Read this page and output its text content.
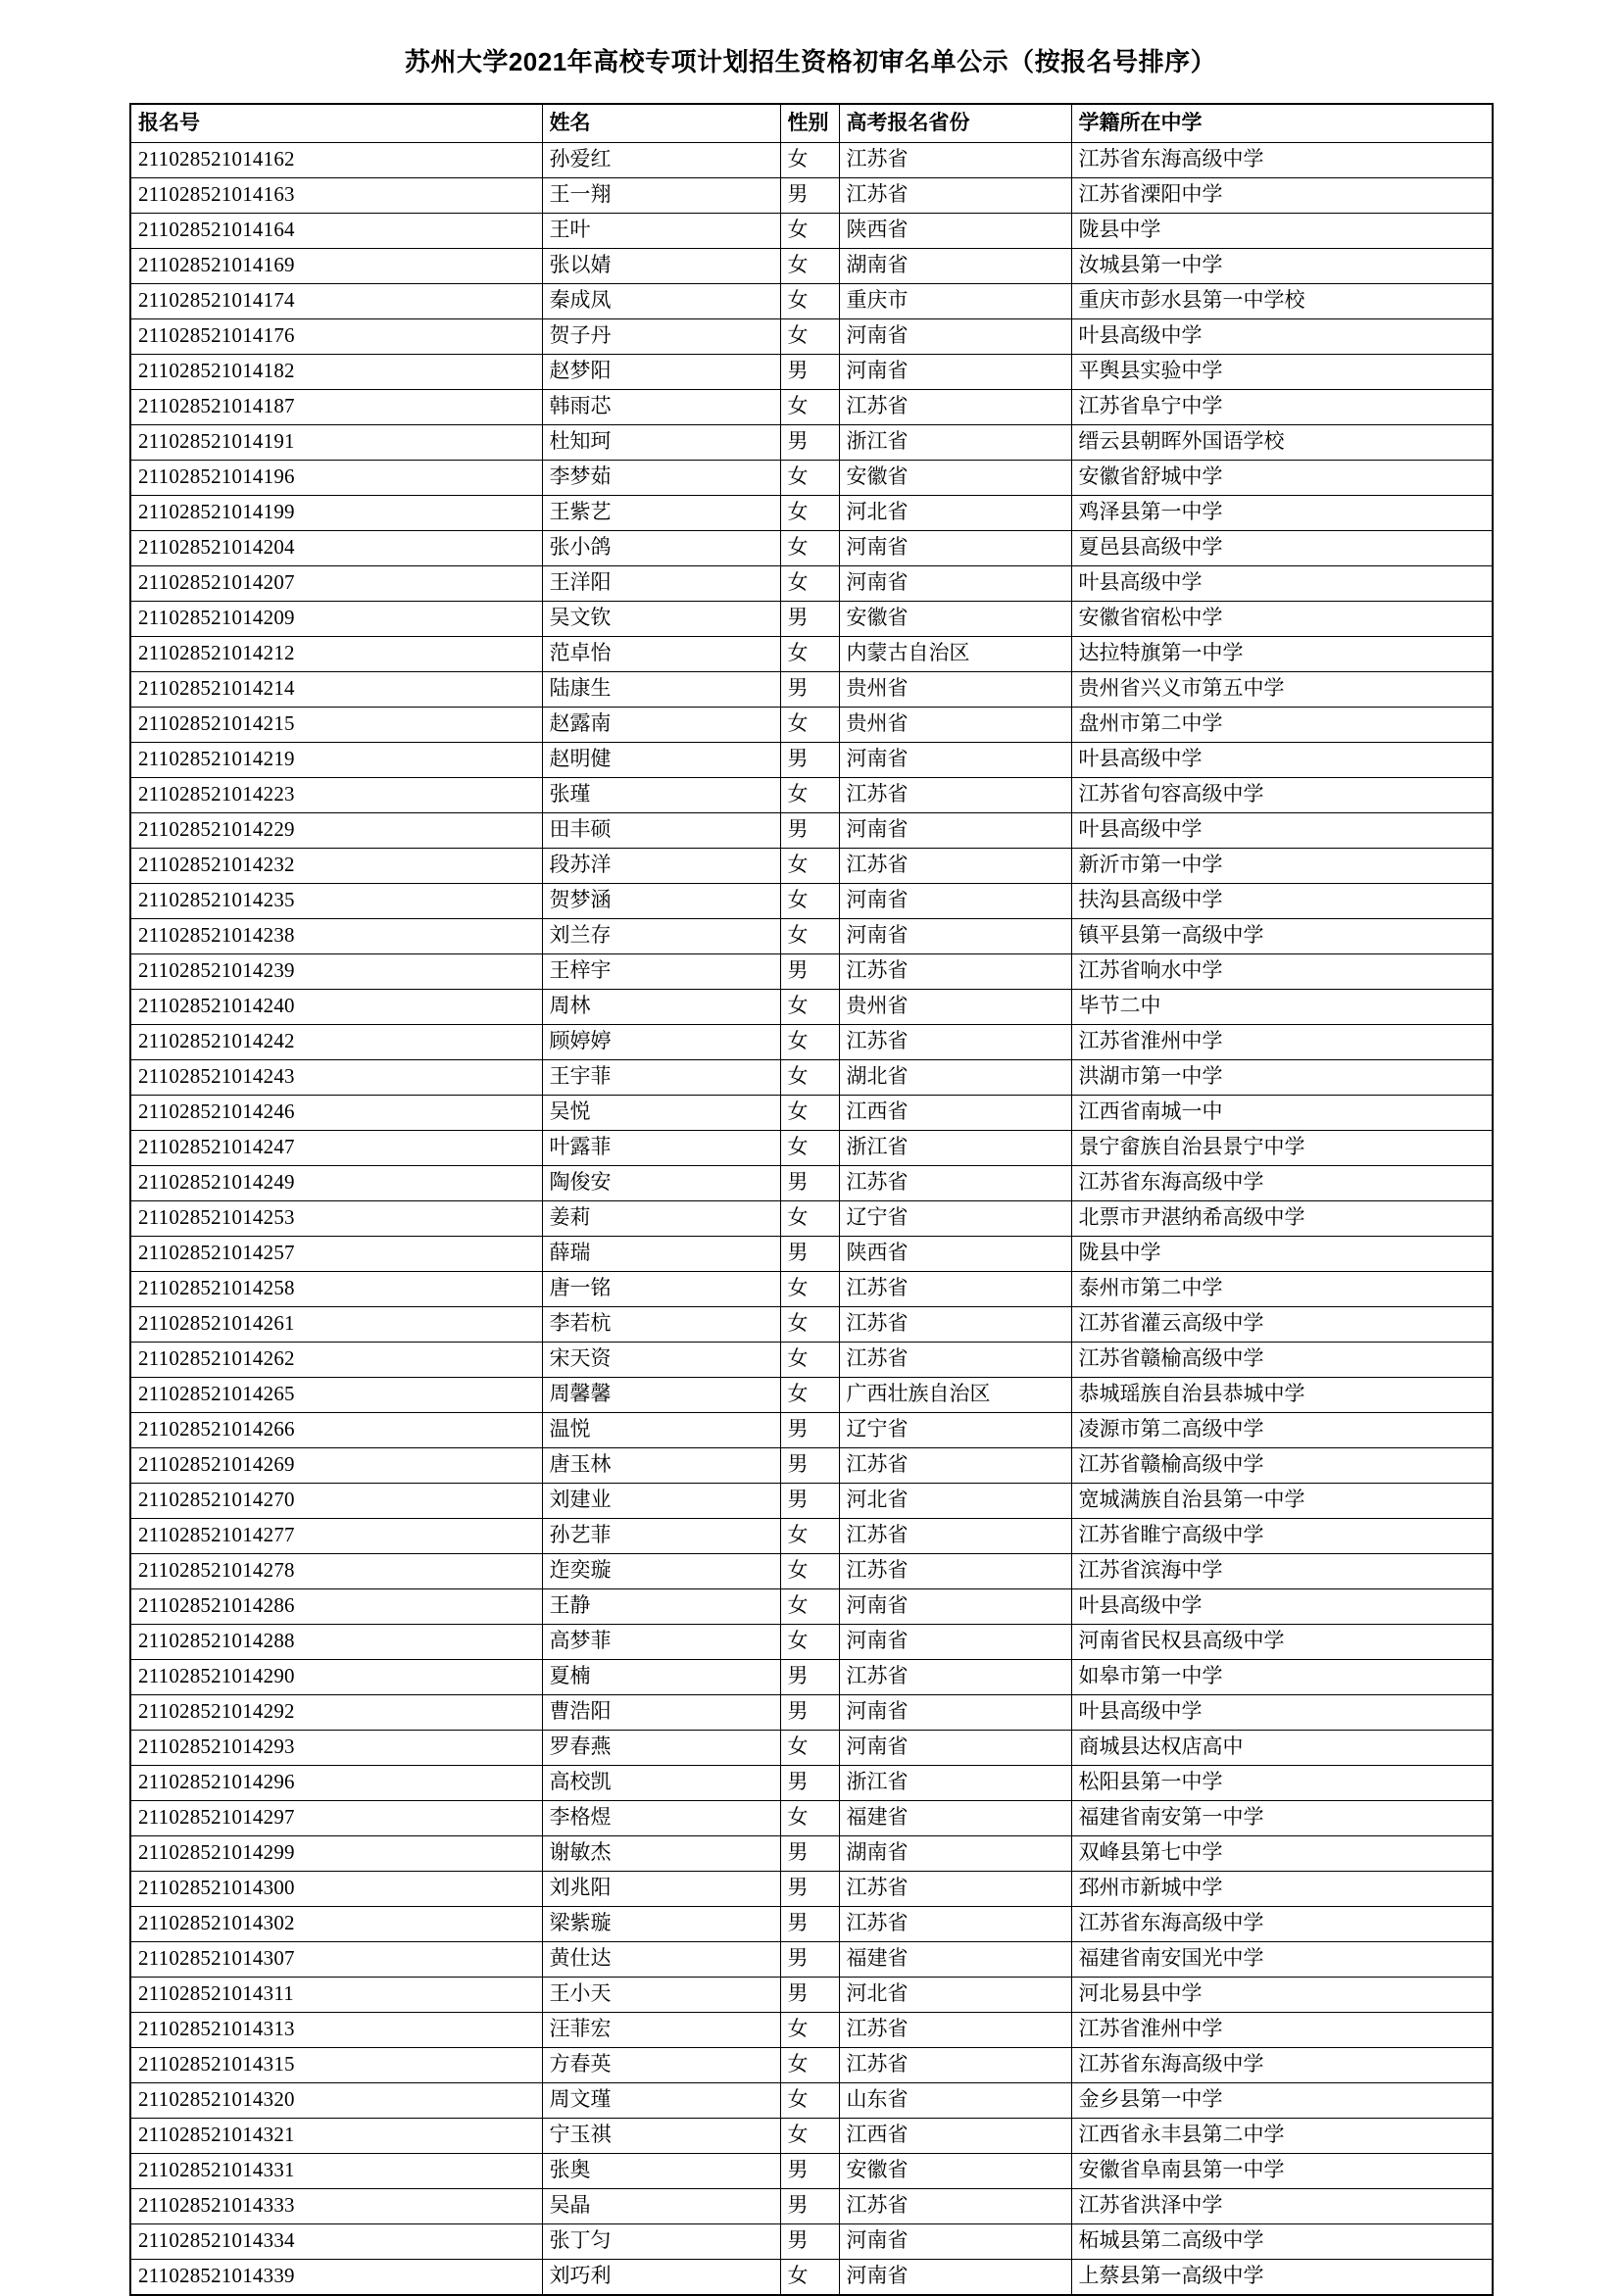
苏州大学2021年高校专项计划招生资格初审名单公示（按报名号排序）
报名号	姓名	性别	高考报名省份	学籍所在中学
211028521014162	孙爱红	女	江苏省	江苏省东海高级中学
211028521014163	王一翔	男	江苏省	江苏省溧阳中学
211028521014164	王叶	女	陕西省	陇县中学
211028521014169	张以婧	女	湖南省	汝城县第一中学
211028521014174	秦成凤	女	重庆市	重庆市彭水县第一中学校
211028521014176	贺子丹	女	河南省	叶县高级中学
211028521014182	赵梦阳	男	河南省	平舆县实验中学
211028521014187	韩雨芯	女	江苏省	江苏省阜宁中学
211028521014191	杜知珂	男	浙江省	缙云县朝晖外国语学校
211028521014196	李梦茹	女	安徽省	安徽省舒城中学
211028521014199	王紫艺	女	河北省	鸡泽县第一中学
211028521014204	张小鸽	女	河南省	夏邑县高级中学
211028521014207	王洋阳	女	河南省	叶县高级中学
211028521014209	吴文钦	男	安徽省	安徽省宿松中学
211028521014212	范卓怡	女	内蒙古自治区	达拉特旗第一中学
211028521014214	陆康生	男	贵州省	贵州省兴义市第五中学
211028521014215	赵露南	女	贵州省	盘州市第二中学
211028521014219	赵明健	男	河南省	叶县高级中学
211028521014223	张瑾	女	江苏省	江苏省句容高级中学
211028521014229	田丰硕	男	河南省	叶县高级中学
211028521014232	段苏洋	女	江苏省	新沂市第一中学
211028521014235	贺梦涵	女	河南省	扶沟县高级中学
211028521014238	刘兰存	女	河南省	镇平县第一高级中学
211028521014239	王梓宇	男	江苏省	江苏省响水中学
211028521014240	周林	女	贵州省	毕节二中
211028521014242	顾婷婷	女	江苏省	江苏省淮州中学
211028521014243	王宇菲	女	湖北省	洪湖市第一中学
211028521014246	吴悦	女	江西省	江西省南城一中
211028521014247	叶露菲	女	浙江省	景宁畲族自治县景宁中学
211028521014249	陶俊安	男	江苏省	江苏省东海高级中学
211028521014253	姜莉	女	辽宁省	北票市尹湛纳希高级中学
211028521014257	薛瑞	男	陕西省	陇县中学
211028521014258	唐一铭	女	江苏省	泰州市第二中学
211028521014261	李若杭	女	江苏省	江苏省灌云高级中学
211028521014262	宋天资	女	江苏省	江苏省赣榆高级中学
211028521014265	周馨馨	女	广西壮族自治区	恭城瑶族自治县恭城中学
211028521014266	温悦	男	辽宁省	凌源市第二高级中学
211028521014269	唐玉林	男	江苏省	江苏省赣榆高级中学
211028521014270	刘建业	男	河北省	宽城满族自治县第一中学
211028521014277	孙艺菲	女	江苏省	江苏省睢宁高级中学
211028521014278	迮奕璇	女	江苏省	江苏省滨海中学
211028521014286	王静	女	河南省	叶县高级中学
211028521014288	高梦菲	女	河南省	河南省民权县高级中学
211028521014290	夏楠	男	江苏省	如皋市第一中学
211028521014292	曹浩阳	男	河南省	叶县高级中学
211028521014293	罗春燕	女	河南省	商城县达权店高中
211028521014296	高校凯	男	浙江省	松阳县第一中学
211028521014297	李格煜	女	福建省	福建省南安第一中学
211028521014299	谢敏杰	男	湖南省	双峰县第七中学
211028521014300	刘兆阳	男	江苏省	邳州市新城中学
211028521014302	梁紫璇	男	江苏省	江苏省东海高级中学
211028521014307	黄仕达	男	福建省	福建省南安国光中学
211028521014311	王小天	男	河北省	河北易县中学
211028521014313	汪菲宏	女	江苏省	江苏省淮州中学
211028521014315	方春英	女	江苏省	江苏省东海高级中学
211028521014320	周文瑾	女	山东省	金乡县第一中学
211028521014321	宁玉祺	女	江西省	江西省永丰县第二中学
211028521014331	张奥	男	安徽省	安徽省阜南县第一中学
211028521014333	吴晶	男	江苏省	江苏省洪泽中学
211028521014334	张丁匀	男	河南省	柘城县第二高级中学
211028521014339	刘巧利	女	河南省	上蔡县第一高级中学
